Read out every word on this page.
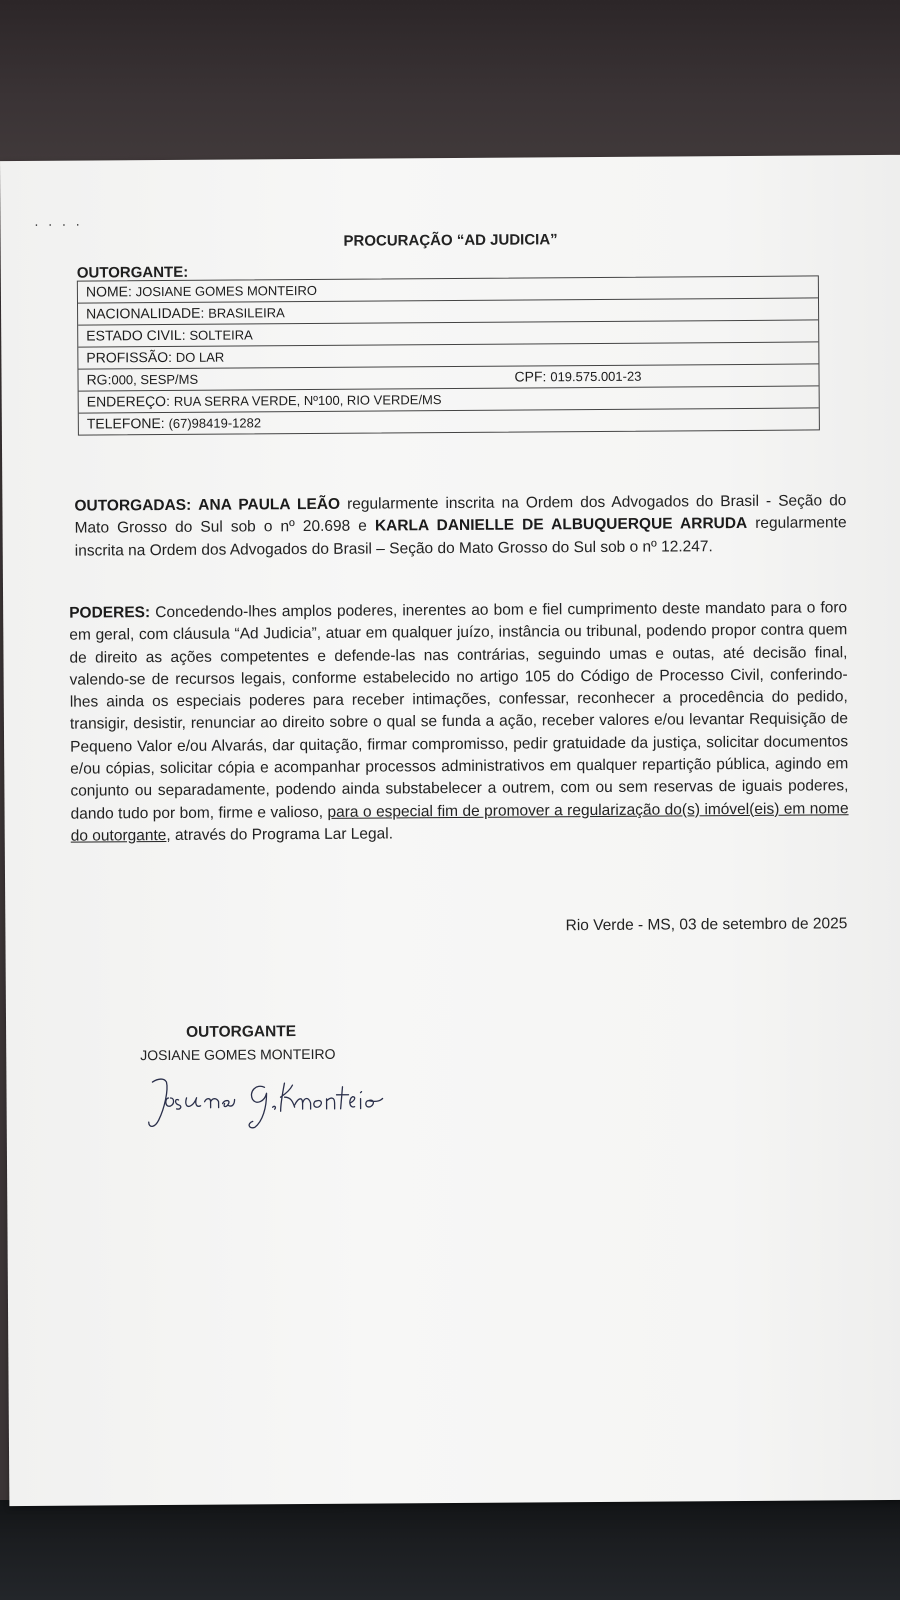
. . . .
PROCURAÇÃO “AD JUDICIA”
OUTORGANTE:
NOME: JOSIANE GOMES MONTEIRO
NACIONALIDADE: BRASILEIRA
ESTADO CIVIL: SOLTEIRA
PROFISSÃO: DO LAR
RG:000, SESP/MS	CPF: 019.575.001-23
ENDEREÇO: RUA SERRA VERDE, Nº100, RIO VERDE/MS
TELEFONE: (67)98419-1282
OUTORGADAS: ANA PAULA LEÃO regularmente inscrita na Ordem dos Advogados do Brasil - Seção do Mato Grosso do Sul sob o nº 20.698 e KARLA DANIELLE DE ALBUQUERQUE ARRUDA regularmente inscrita na Ordem dos Advogados do Brasil – Seção do Mato Grosso do Sul sob o nº 12.247.
PODERES: Concedendo-lhes amplos poderes, inerentes ao bom e fiel cumprimento deste mandato para o foro em geral, com cláusula “Ad Judicia”, atuar em qualquer juízo, instância ou tribunal, podendo propor contra quem de direito as ações competentes e defende-las nas contrárias, seguindo umas e outas, até decisão final, valendo-se de recursos legais, conforme estabelecido no artigo 105 do Código de Processo Civil, conferindo-lhes ainda os especiais poderes para receber intimações, confessar, reconhecer a procedência do pedido, transigir, desistir, renunciar ao direito sobre o qual se funda a ação, receber valores e/ou levantar Requisição de Pequeno Valor e/ou Alvarás, dar quitação, firmar compromisso, pedir gratuidade da justiça, solicitar documentos e/ou cópias, solicitar cópia e acompanhar processos administrativos em qualquer repartição pública, agindo em conjunto ou separadamente, podendo ainda substabelecer a outrem, com ou sem reservas de iguais poderes, dando tudo por bom, firme e valioso, para o especial fim de promover a regularização do(s) imóvel(eis) em nome do outorgante, através do Programa Lar Legal.
Rio Verde - MS, 03 de setembro de 2025
OUTORGANTE
JOSIANE GOMES MONTEIRO
